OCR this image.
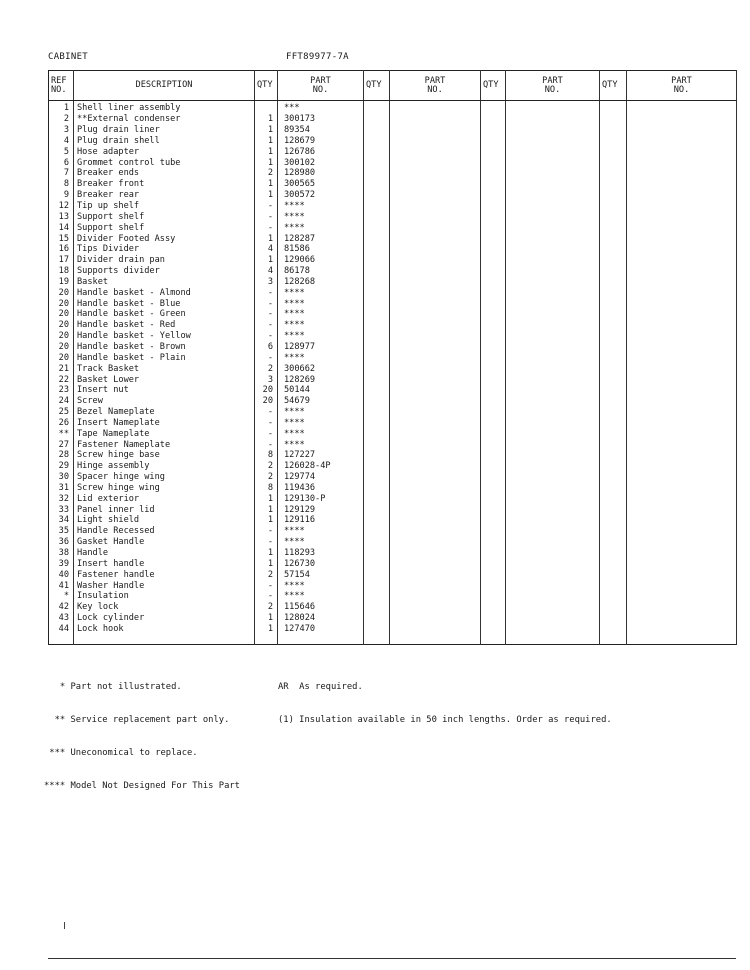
CABINET	FFT89977-7A
REF
NO.	DESCRIPTION	QTY	PART
NO.	QTY	PART
NO.	QTY	PART
NO.	QTY	PART
NO.
1	Shell liner assembly		***						
2	**External condenser	1	300173						
3	Plug drain liner	1	89354						
4	Plug drain shell	1	128679						
5	Hose adapter	1	126786						
6	Grommet control tube	1	300102						
7	Breaker ends	2	128980						
8	Breaker front	1	300565						
9	Breaker rear	1	300572						
12	Tip up shelf	-	****						
13	Support shelf	-	****						
14	Support shelf	-	****						
15	Divider Footed Assy	1	128287						
16	Tips Divider	4	81586						
17	Divider drain pan	1	129066						
18	Supports divider	4	86178						
19	Basket	3	128268						
20	Handle basket - Almond	-	****						
20	Handle basket - Blue	-	****						
20	Handle basket - Green	-	****						
20	Handle basket - Red	-	****						
20	Handle basket - Yellow	-	****						
20	Handle basket - Brown	6	128977						
20	Handle basket - Plain	-	****						
21	Track Basket	2	300662						
22	Basket Lower	3	128269						
23	Insert nut	20	50144						
24	Screw	20	54679						
25	Bezel Nameplate	-	****						
26	Insert Nameplate	-	****						
**	Tape Nameplate	-	****						
27	Fastener Nameplate	-	****						
28	Screw hinge base	8	127227						
29	Hinge assembly	2	126028-4P						
30	Spacer hinge wing	2	129774						
31	Screw hinge wing	8	119436						
32	Lid exterior	1	129130-P						
33	Panel inner lid	1	129129						
34	Light shield	1	129116						
35	Handle Recessed	-	****						
36	Gasket Handle	-	****						
38	Handle	1	118293						
39	Insert handle	1	126730						
40	Fastener handle	2	57154						
41	Washer Handle	-	****						
*	Insulation	-	****						
42	Key lock	2	115646						
43	Lock cylinder	1	128024						
44	Lock hook	1	127470						

* Part not illustrated.

** Service replacement part only.

*** Uneconomical to replace.

**** Model Not Designed For This Part

AR  As required.

(1) Insulation available in 50 inch lengths. Order as required.
